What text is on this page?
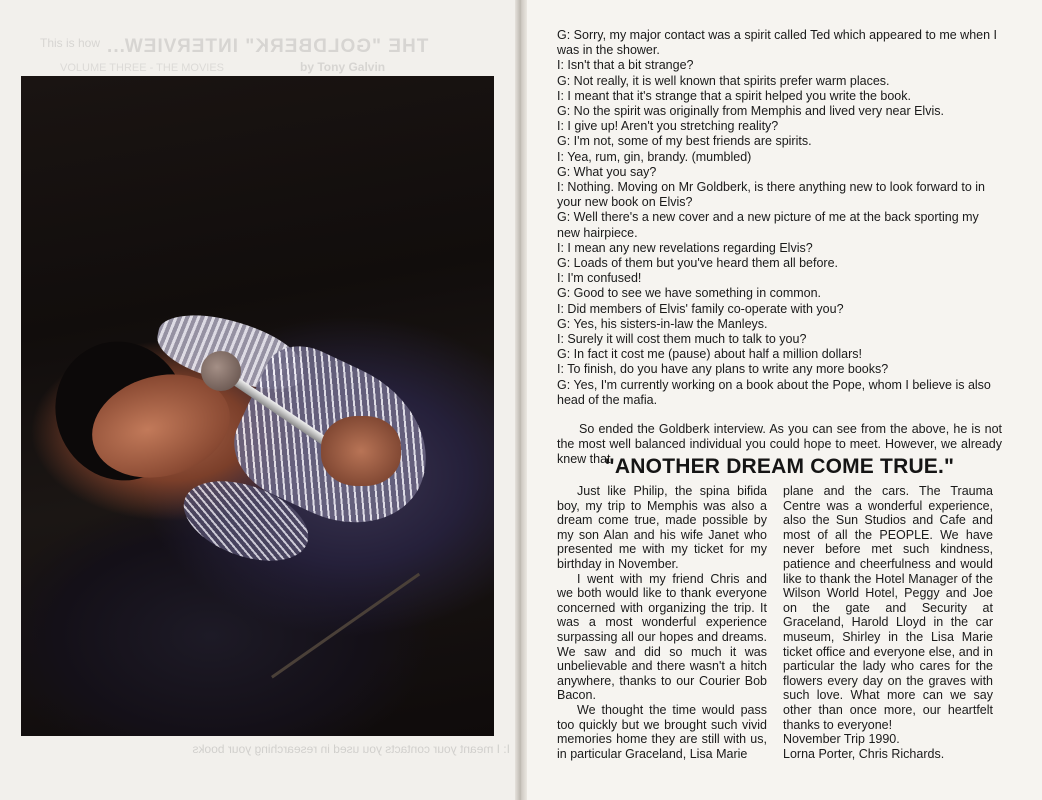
This is how THE "GOLDBERK" INTERVIEW...
by Tony Galvin
VOLUME THREE - THE MOVIES
I: I meant your contacts you used in researching your books

G: Sorry, my major contact was a spirit called Ted which appeared to me when I was in the shower.

I: Isn't that a bit strange?

G: Not really, it is well known that spirits prefer warm places.

I: I meant that it's strange that a spirit helped you write the book.

G: No the spirit was originally from Memphis and lived very near Elvis.

I: I give up! Aren't you stretching reality?

G: I'm not, some of my best friends are spirits.

I: Yea, rum, gin, brandy. (mumbled)

G: What you say?

I: Nothing. Moving on Mr Goldberk, is there anything new to look forward to in your new book on Elvis?

G: Well there's a new cover and a new picture of me at the back sporting my new hairpiece.

I: I mean any new revelations regarding Elvis?

G: Loads of them but you've heard them all before.

I: I'm confused!

G: Good to see we have something in common.

I: Did members of Elvis' family co-operate with you?

G: Yes, his sisters-in-law the Manleys.

I: Surely it will cost them much to talk to you?

G: In fact it cost me (pause) about half a million dollars!

I: To finish, do you have any plans to write any more books?

G: Yes, I'm currently working on a book about the Pope, whom I believe is also head of the mafia.

So ended the Goldberk interview. As you can see from the above, he is not the most well balanced individual you could hope to meet. However, we already knew that.

"ANOTHER DREAM COME TRUE."

Just like Philip, the spina bifida boy, my trip to Memphis was also a dream come true, made possible by my son Alan and his wife Janet who presented me with my ticket for my birthday in November.

I went with my friend Chris and we both would like to thank everyone concerned with organizing the trip. It was a most wonderful experience surpassing all our hopes and dreams. We saw and did so much it was unbelievable and there wasn't a hitch anywhere, thanks to our Courier Bob Bacon.

We thought the time would pass too quickly but we brought such vivid memories home they are still with us, in particular Graceland, Lisa Marie

plane and the cars. The Trauma Centre was a wonderful experience, also the Sun Studios and Cafe and most of all the PEOPLE. We have never before met such kindness, patience and cheerfulness and would like to thank the Hotel Manager of the Wilson World Hotel, Peggy and Joe on the gate and Security at Graceland, Harold Lloyd in the car museum, Shirley in the Lisa Marie ticket office and everyone else, and in particular the lady who cares for the flowers every day on the graves with such love. What more can we say other than once more, our heartfelt thanks to everyone!

November Trip 1990.

Lorna Porter, Chris Richards.
